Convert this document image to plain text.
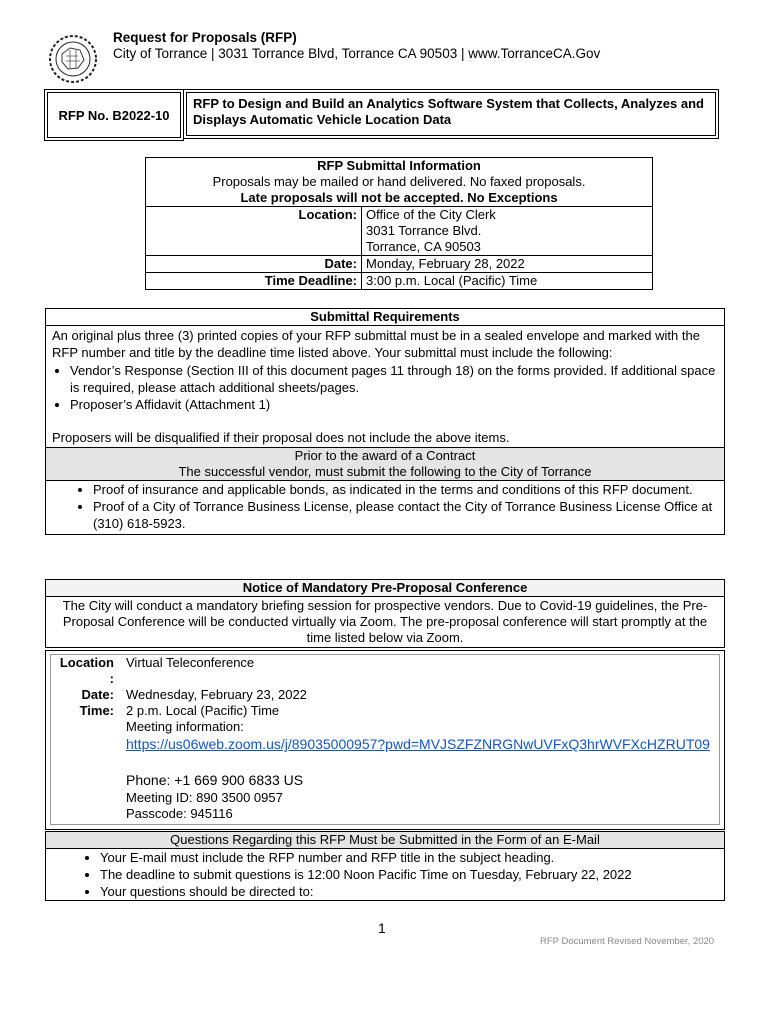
Request for Proposals (RFP)
City of Torrance | 3031 Torrance Blvd, Torrance CA 90503 | www.TorranceCA.Gov
RFP No. B2022-10
RFP to Design and Build an Analytics Software System that Collects, Analyzes and Displays Automatic Vehicle Location Data
RFP Submittal Information
Proposals may be mailed or hand delivered. No faxed proposals.
Late proposals will not be accepted. No Exceptions
Location: Office of the City Clerk
3031 Torrance Blvd.
Torrance, CA 90503
Date: Monday, February 28, 2022
Time Deadline: 3:00 p.m. Local (Pacific) Time
Submittal Requirements

An original plus three (3) printed copies of your RFP submittal must be in a sealed envelope and marked with the RFP number and title by the deadline time listed above. Your submittal must include the following:

• Vendor’s Response (Section III of this document pages 11 through 18) on the forms provided. If additional space is required, please attach additional sheets/pages.
• Proposer’s Affidavit (Attachment 1)

Proposers will be disqualified if their proposal does not include the above items.

Prior to the award of a Contract
The successful vendor, must submit the following to the City of Torrance
• Proof of insurance and applicable bonds, as indicated in the terms and conditions of this RFP document.
• Proof of a City of Torrance Business License, please contact the City of Torrance Business License Office at (310) 618-5923.
Notice of Mandatory Pre-Proposal Conference
The City will conduct a mandatory briefing session for prospective vendors. Due to Covid-19 guidelines, the Pre-Proposal Conference will be conducted virtually via Zoom. The pre-proposal conference will start promptly at the time listed below via Zoom.
Location
:
Virtual Teleconference
Date: Wednesday, February 23, 2022
Time: 2 p.m. Local (Pacific) Time
Meeting information:
https://us06web.zoom.us/j/89035000957?pwd=MVJSZFZNRGNwUVFxQ3hrWVFXcHZRUT09
Phone: +1 669 900 6833 US
Meeting ID: 890 3500 0957
Passcode: 945116
Questions Regarding this RFP Must be Submitted in the Form of an E-Mail
• Your E-mail must include the RFP number and RFP title in the subject heading.
• The deadline to submit questions is 12:00 Noon Pacific Time on Tuesday, February 22, 2022
• Your questions should be directed to:
1
RFP Document Revised November, 2020
